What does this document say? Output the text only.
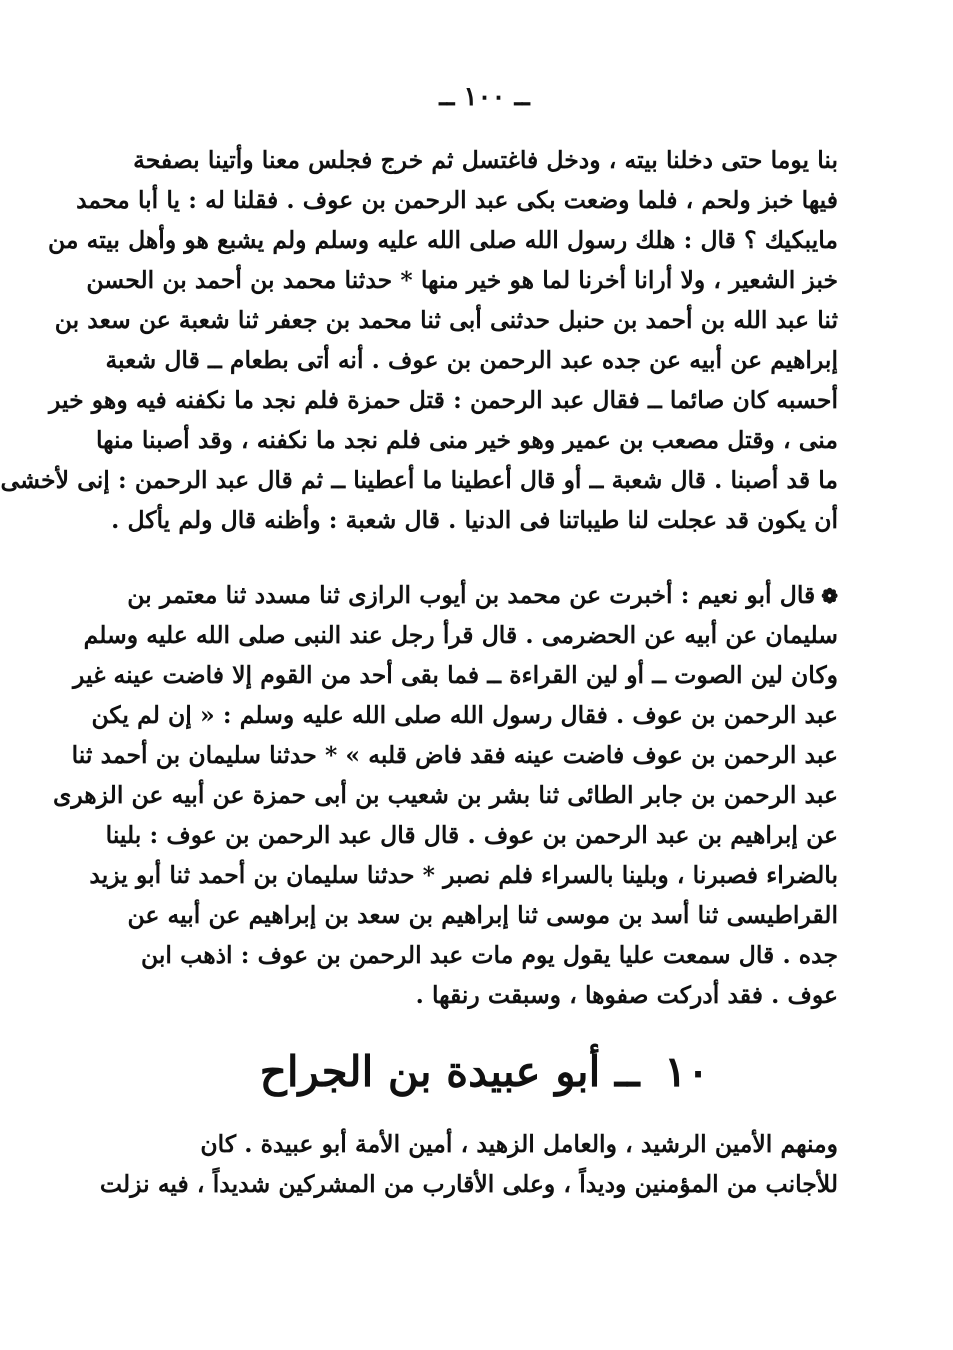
ــ ١٠٠ ــ
بنا يوما حتى دخلنا بيته ، ودخل فاغتسل ثم خرج فجلس معنا وأتينا بصفحة
فيها خبز ولحم ، فلما وضعت بكى عبد الرحمن بن عوف . فقلنا له : يا أبا محمد
مايبكيك ؟ قال : هلك رسول الله صلى الله عليه وسلم ولم يشبع هو وأهل بيته من
خبز الشعير ، ولا أرانا أخرنا لما هو خير منها * حدثنا محمد بن أحمد بن الحسن
ثنا عبد الله بن أحمد بن حنبل حدثنى أبى ثنا محمد بن جعفر ثنا شعبة عن سعد بن
إبراهيم عن أبيه عن جده عبد الرحمن بن عوف . أنه أتى بطعام ــ قال شعبة
أحسبه كان صائما ــ فقال عبد الرحمن : قتل حمزة فلم نجد ما نكفنه فيه وهو خير
منى ، وقتل مصعب بن عمير وهو خير منى فلم نجد ما نكفنه ، وقد أصبنا منها
ما قد أصبنا . قال شعبة ــ أو قال أعطينا ما أعطينا ــ ثم قال عبد الرحمن : إنى لأخشى
أن يكون قد عجلت لنا طيباتنا فى الدنيا . قال شعبة : وأظنه قال ولم يأكل .
❁قال أبو نعيم : أخبرت عن محمد بن أيوب الرازى ثنا مسدد ثنا معتمر بن
سليمان عن أبيه عن الحضرمى . قال قرأ رجل عند النبى صلى الله عليه وسلم
وكان لين الصوت ــ أو لين القراءة ــ فما بقى أحد من القوم إلا فاضت عينه غير
عبد الرحمن بن عوف . فقال رسول الله صلى الله عليه وسلم : « إن لم يكن
عبد الرحمن بن عوف فاضت عينه فقد فاض قلبه » * حدثنا سليمان بن أحمد ثنا
عبد الرحمن بن جابر الطائى ثنا بشر بن شعيب بن أبى حمزة عن أبيه عن الزهرى
عن إبراهيم بن عبد الرحمن بن عوف . قال قال عبد الرحمن بن عوف : بلينا
بالضراء فصبرنا ، وبلينا بالسراء فلم نصبر * حدثنا سليمان بن أحمد ثنا أبو يزيد
القراطيسى ثنا أسد بن موسى ثنا إبراهيم بن سعد بن إبراهيم عن أبيه عن
جده . قال سمعت عليا يقول يوم مات عبد الرحمن بن عوف : اذهب ابن
عوف . فقد أدركت صفوها ، وسبقت رنقها .
١٠ ــ أبو عبيدة بن الجراح
ومنهم الأمين الرشيد ، والعامل الزهيد ، أمين الأمة أبو عبيدة . كان
للأجانب من المؤمنين وديداً ، وعلى الأقارب من المشركين شديداً ، فيه نزلت
